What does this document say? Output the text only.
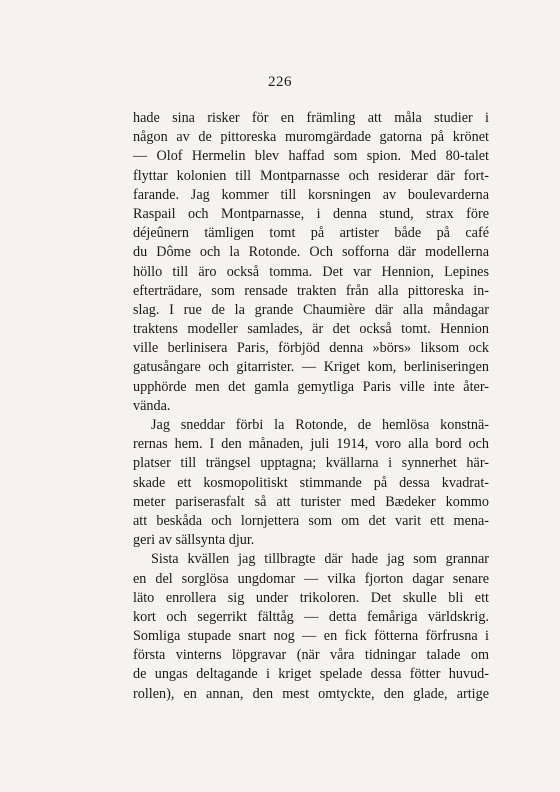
226
hade sina risker för en främling att måla studier i
någon av de pittoreska muromgärdade gatorna på krönet
— Olof Hermelin blev haffad som spion. Med 80-talet
flyttar kolonien till Montparnasse och residerar där fort-
farande. Jag kommer till korsningen av boulevarderna
Raspail och Montparnasse, i denna stund, strax före
déjeûnern tämligen tomt på artister både på café
du Dôme och la Rotonde. Och sofforna där modellerna
höllo till äro också tomma. Det var Hennion, Lepines
efterträdare, som rensade trakten från alla pittoreska in-
slag. I rue de la grande Chaumière där alla måndagar
traktens modeller samlades, är det också tomt. Hennion
ville berlinisera Paris, förbjöd denna »börs» liksom ock
gatusångare och gitarrister. — Kriget kom, berliniseringen
upphörde men det gamla gemytliga Paris ville inte åter-
vända.
Jag sneddar förbi la Rotonde, de hemlösa konstnä-
rernas hem. I den månaden, juli 1914, voro alla bord och
platser till trängsel upptagna; kvällarna i synnerhet här-
skade ett kosmopolitiskt stimmande på dessa kvadrat-
meter pariserasfalt så att turister med Bædeker kommo
att beskåda och lornjettera som om det varit ett mena-
geri av sällsynta djur.
Sista kvällen jag tillbragte där hade jag som grannar
en del sorglösa ungdomar — vilka fjorton dagar senare
läto enrollera sig under trikoloren. Det skulle bli ett
kort och segerrikt fälttåg — detta femåriga världskrig.
Somliga stupade snart nog — en fick fötterna förfrusna i
första vinterns löpgravar (när våra tidningar talade om
de ungas deltagande i kriget spelade dessa fötter huvud-
rollen), en annan, den mest omtyckte, den glade, artige
